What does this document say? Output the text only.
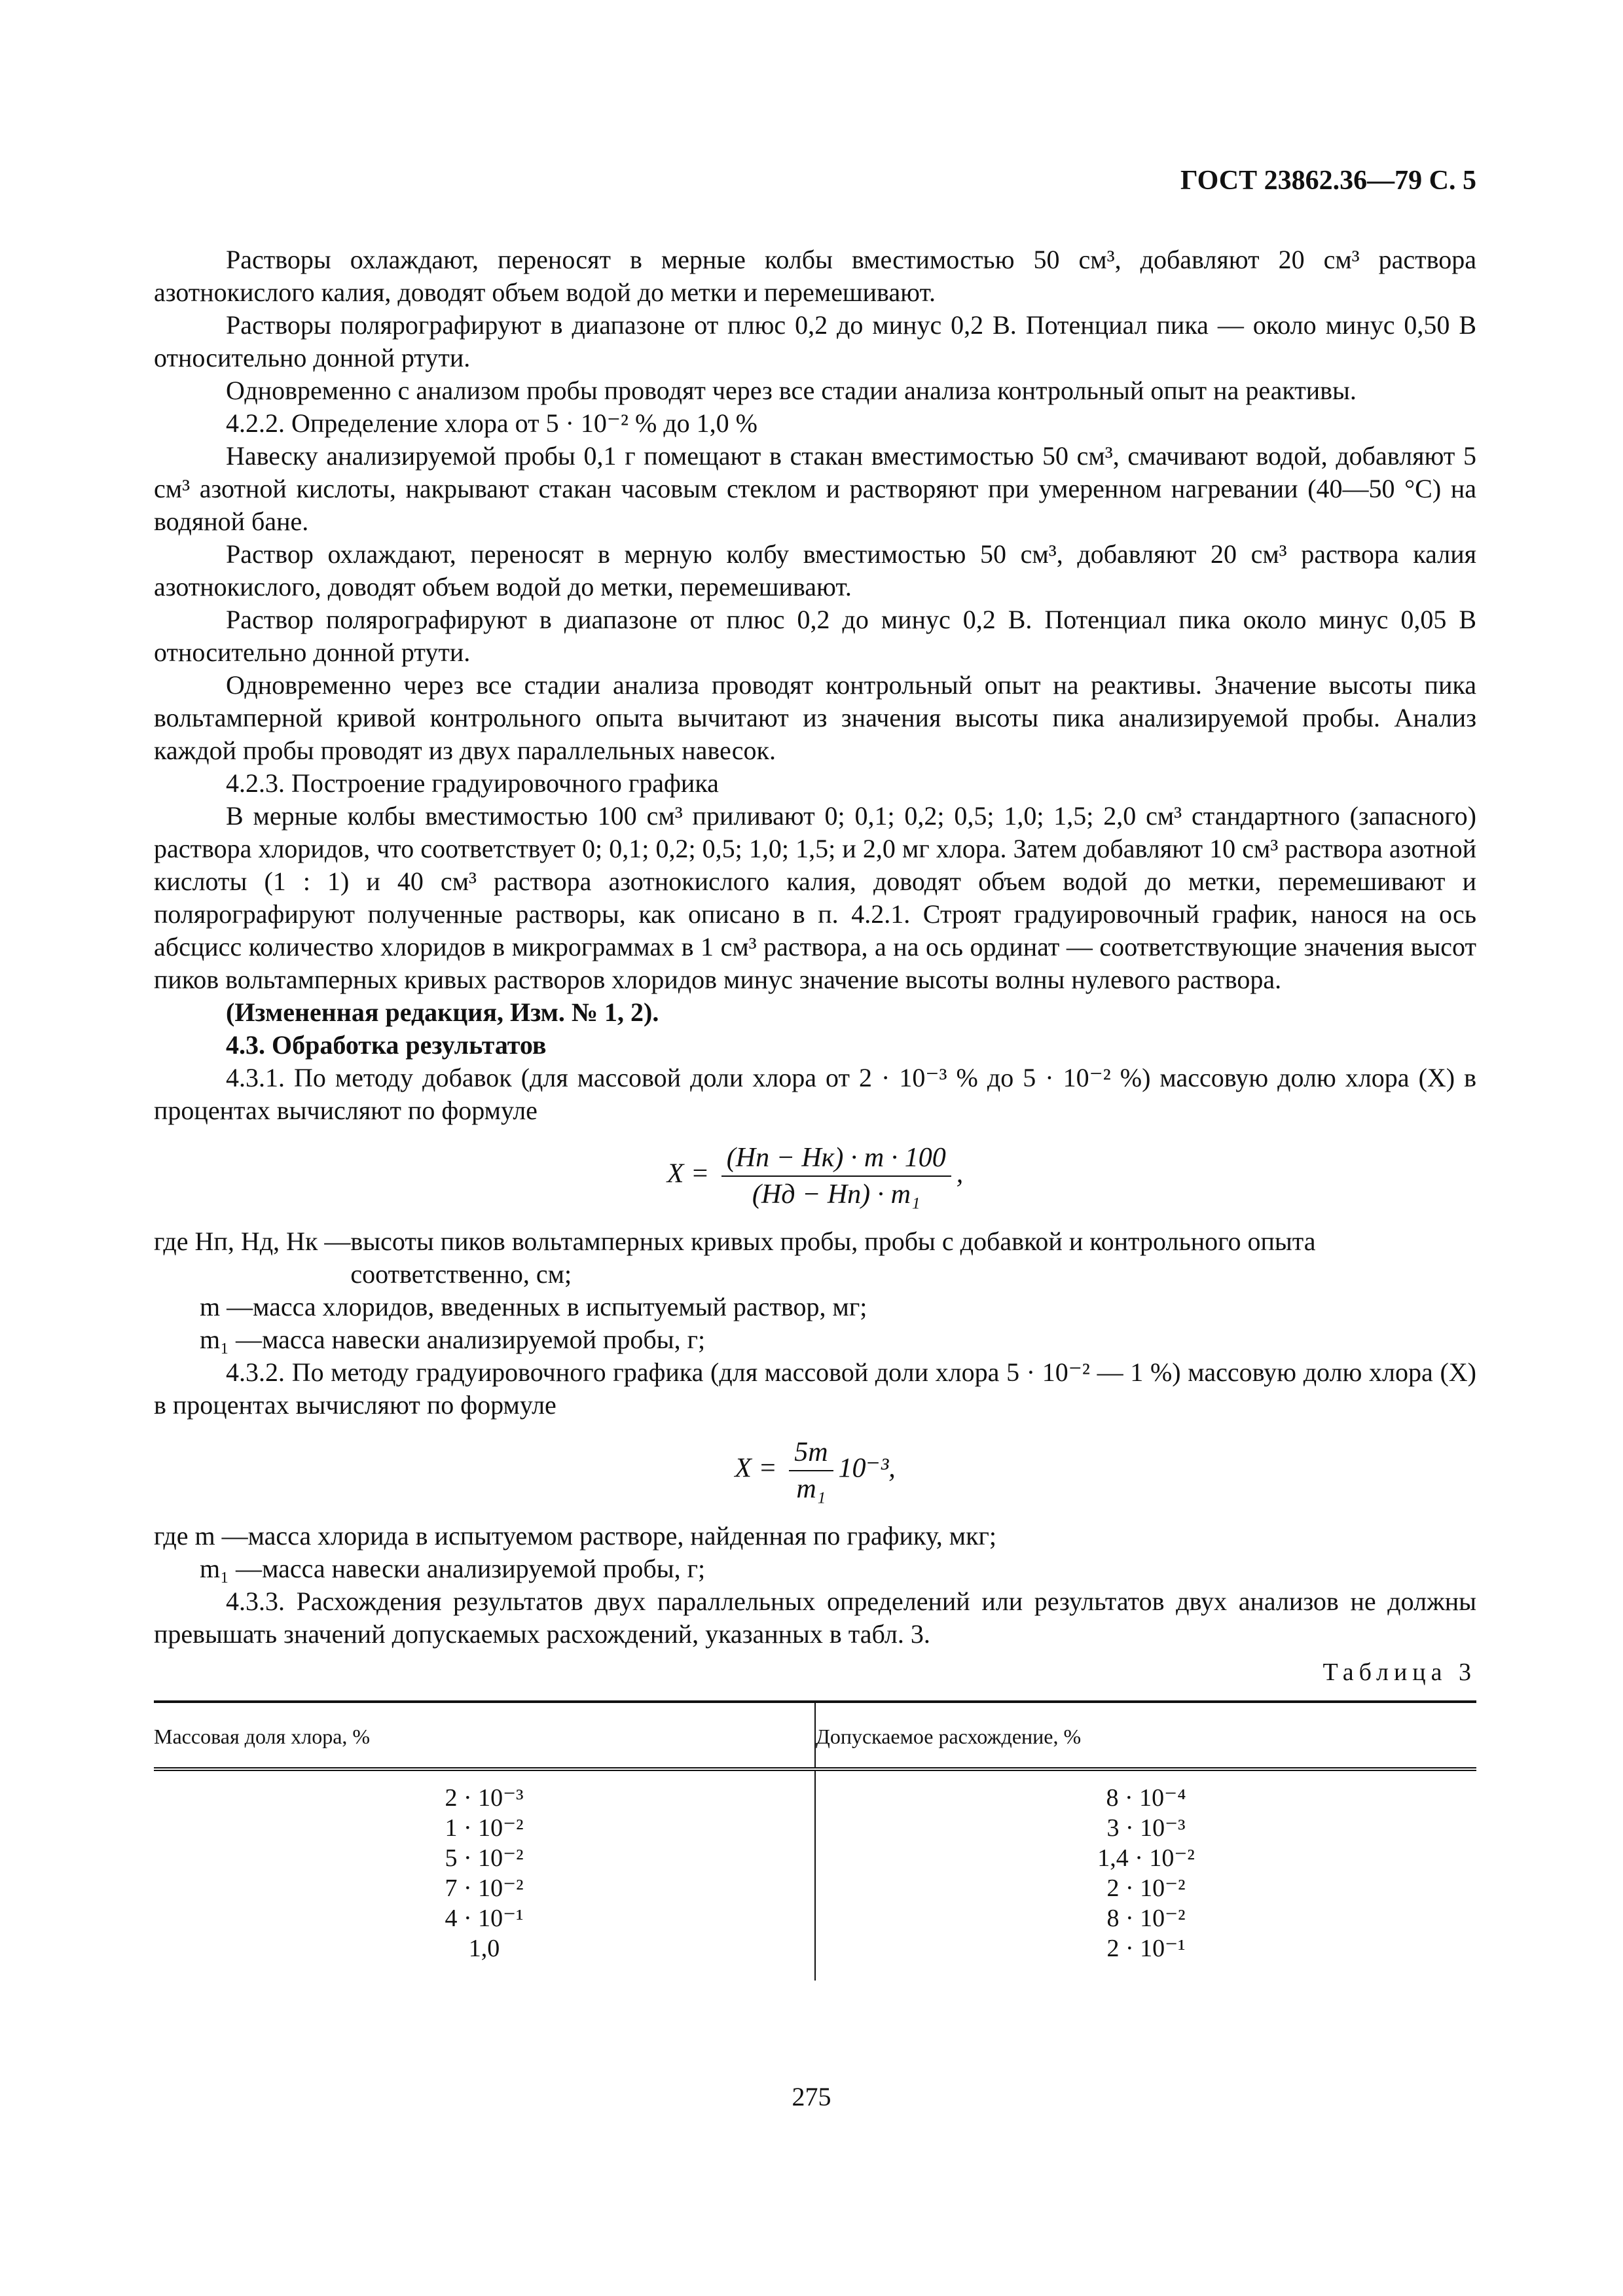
ГОСТ 23862.36—79 С. 5

Растворы охлаждают, переносят в мерные колбы вместимостью 50 см³, добавляют 20 см³ раствора азотнокислого калия, доводят объем водой до метки и перемешивают.

Растворы полярографируют в диапазоне от плюс 0,2 до минус 0,2 В. Потенциал пика — около минус 0,50 В относительно донной ртути.

Одновременно с анализом пробы проводят через все стадии анализа контрольный опыт на реактивы.

4.2.2. Определение хлора от 5 · 10⁻² % до 1,0 %

Навеску анализируемой пробы 0,1 г помещают в стакан вместимостью 50 см³, смачивают водой, добавляют 5 см³ азотной кислоты, накрывают стакан часовым стеклом и растворяют при умеренном нагревании (40—50 °С) на водяной бане.

Раствор охлаждают, переносят в мерную колбу вместимостью 50 см³, добавляют 20 см³ раствора калия азотнокислого, доводят объем водой до метки, перемешивают.

Раствор полярографируют в диапазоне от плюс 0,2 до минус 0,2 В. Потенциал пика около минус 0,05 В относительно донной ртути.

Одновременно через все стадии анализа проводят контрольный опыт на реактивы. Значение высоты пика вольтамперной кривой контрольного опыта вычитают из значения высоты пика анализируемой пробы. Анализ каждой пробы проводят из двух параллельных навесок.

4.2.3. Построение градуировочного графика

В мерные колбы вместимостью 100 см³ приливают 0; 0,1; 0,2; 0,5; 1,0; 1,5; 2,0 см³ стандартного (запасного) раствора хлоридов, что соответствует 0; 0,1; 0,2; 0,5; 1,0; 1,5; и 2,0 мг хлора. Затем добавляют 10 см³ раствора азотной кислоты (1 : 1) и 40 см³ раствора азотнокислого калия, доводят объем водой до метки, перемешивают и полярографируют полученные растворы, как описано в п. 4.2.1. Строят градуировочный график, нанося на ось абсцисс количество хлоридов в микрограммах в 1 см³ раствора, а на ось ординат — соответствующие значения высот пиков вольтамперных кривых растворов хлоридов минус значение высоты волны нулевого раствора.

(Измененная редакция, Изм. № 1, 2).

4.3. Обработка результатов

4.3.1. По методу добавок (для массовой доли хлора от 2 · 10⁻³ % до 5 · 10⁻² %) массовую долю хлора (X) в процентах вычисляют по формуле

$X = \frac{(Hп - Hк) \cdot m \cdot 100}{\text{(Hд − Hп) · m₁}}$ ,
где Hп, Hд, Hк — высоты пиков вольтамперных кривых пробы, пробы с добавкой и контрольного опыта соответственно, см;
m — масса хлоридов, введенных в испытуемый раствор, мг;
m₁ — масса навески анализируемой пробы, г;

4.3.2. По методу градуировочного графика (для массовой доли хлора 5 · 10⁻² — 1 %) массовую долю хлора (X) в процентах вычисляют по формуле

$X = \frac{5m}{\text{m₁}} 10^{-3}$,
где m — масса хлорида в испытуемом растворе, найденная по графику, мкг;
m₁ — масса навески анализируемой пробы, г;

4.3.3. Расхождения результатов двух параллельных определений или результатов двух анализов не должны превышать значений допускаемых расхождений, указанных в табл. 3.

Таблица 3
Массовая доля хлора, %	Допускаемое расхождение, %
2 · 10⁻³	8 · 10⁻⁴
1 · 10⁻²	3 · 10⁻³
5 · 10⁻²	1,4 · 10⁻²
7 · 10⁻²	2 · 10⁻²
4 · 10⁻¹	8 · 10⁻²
1,0	2 · 10⁻¹
275
